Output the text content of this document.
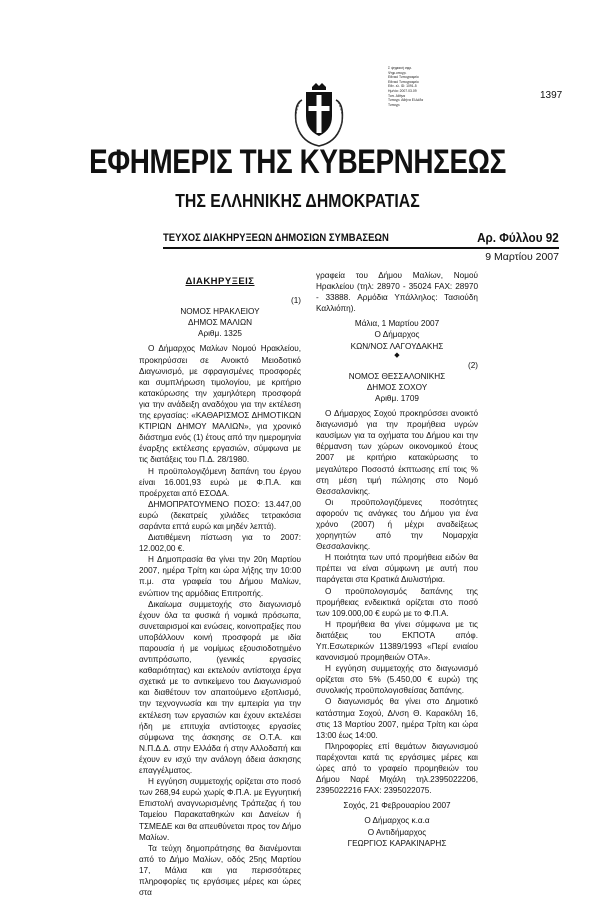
1397
Σ ψηφιακή σφρ.
Ψηφ.υπογρ.
Εθνικό Τυπογραφείο
Εθνικό Τυπογραφείο
Εθν. ελ. ID: 1091-5
Ημ/νία: 2007.03.09
Τοπ. Αθήνα
Τυπογρ. Αθήνα Ελλάδα
Τυπογρ.
ΕΦΗΜΕΡΙΣ ΤΗΣ ΚΥΒΕΡΝΗΣΕΩΣ
ΤΗΣ ΕΛΛΗΝΙΚΗΣ ΔΗΜΟΚΡΑΤΙΑΣ
ΤΕΥΧΟΣ ΔΙΑΚΗΡΥΞΕΩΝ ΔΗΜΟΣΙΩΝ ΣΥΜΒΑΣΕΩΝ	Αρ. Φύλλου 92
9 Μαρτίου 2007

ΔΙΑΚΗΡΥΞΕΙΣ

(1)

ΝΟΜΟΣ ΗΡΑΚΛΕΙΟΥ

ΔΗΜΟΣ ΜΑΛΙΩΝ

Αριθμ. 1325

Ο Δήμαρχος Μαλίων Νομού Ηρακλείου, προκηρύσσει σε Ανοικτό Μειοδοτικό Διαγωνισμό, με σφραγισμένες προσφορές και συμπλήρωση τιμολογίου, με κριτήριο κατακύρωσης την χαμηλότερη προσφορά για την ανάδειξη αναδόχου για την εκτέλεση της εργασίας: «ΚΑΘΑΡΙΣΜΟΣ ΔΗΜΟΤΙΚΩΝ ΚΤΙΡΙΩΝ ΔΗΜΟΥ ΜΑΛΙΩΝ», για χρονικό διάστημα ενός (1) έτους από την ημερομηνία έναρξης εκτέλεσης εργασιών, σύμφωνα με τις διατάξεις του Π.Δ. 28/1980.

Η προϋπολογιζόμενη δαπάνη του έργου είναι 16.001,93 ευρώ με Φ.Π.Α. και προέρχεται από ΕΣΟΔΑ.

ΔΗΜΟΠΡΑΤΟΥΜΕΝΟ ΠΟΣΟ: 13.447,00 ευρώ (δεκατρείς χιλιάδες τετρακόσια σαράντα επτά ευρώ και μηδέν λεπτά).

Διατιθέμενη πίστωση για το 2007: 12.002,00 €.

Η Δημοπρασία θα γίνει την 20η Μαρτίου 2007, ημέρα Τρίτη και ώρα λήξης την 10:00 π.μ. στα γραφεία του Δήμου Μαλίων, ενώπιον της αρμόδιας Επιτροπής.

Δικαίωμα συμμετοχής στο διαγωνισμό έχουν όλα τα φυσικά ή νομικά πρόσωπα, συνεταιρισμοί και ενώσεις, κοινοπραξίες που υποβάλλουν κοινή προσφορά με ιδία παρουσία ή με νομίμως εξουσιοδοτημένο αντιπρόσωπο, (γενικές εργασίες καθαριότητας) και εκτελούν αντίστοιχα έργα σχετικά με το αντικείμενο του Διαγωνισμού και διαθέτουν τον απαιτούμενο εξοπλισμό, την τεχνογνωσία και την εμπειρία για την εκτέλεση των εργασιών και έχουν εκτελέσει ήδη με επιτυχία αντίστοιχες εργασίες σύμφωνα της άσκησης σε Ο.Τ.Α. και Ν.Π.Δ.Δ. στην Ελλάδα ή στην Αλλοδαπή και έχουν εν ισχύ την ανάλογη άδεια άσκησης επαγγέλματος.

Η εγγύηση συμμετοχής ορίζεται στο ποσό των 268,94 ευρώ χωρίς Φ.Π.Α. με Εγγυητική Επιστολή αναγνωρισμένης Τράπεζας ή του Ταμείου Παρακαταθηκών και Δανείων ή ΤΣΜΕΔΕ και θα απευθύνεται προς τον Δήμο Μαλίων.

Τα τεύχη δημοπράτησης θα διανέμονται από το Δήμο Μαλίων, οδός 25ης Μαρτίου 17, Μάλια και για περισσότερες πληροφορίες τις εργάσιμες μέρες και ώρες στα

γραφεία του Δήμου Μαλίων, Νομού Ηρακλείου (τηλ: 28970 - 35024 FAX: 28970 - 33888. Αρμόδια Υπάλληλος: Τασιούδη Καλλιόπη).

Μάλια, 1 Μαρτίου 2007

Ο Δήμαρχος

ΚΩΝ/ΝΟΣ ΛΑΓΟΥΔΑΚΗΣ

◆

(2)

ΝΟΜΟΣ ΘΕΣΣΑΛΟΝΙΚΗΣ

ΔΗΜΟΣ ΣΟΧΟΥ

Αριθμ. 1709

Ο Δήμαρχος Σοχού προκηρύσσει ανοικτό διαγωνισμό για την προμήθεια υγρών καυσίμων για τα οχήματα του Δήμου και την θέρμανση των χώρων οικονομικού έτους 2007 με κριτήριο κατακύρωσης το μεγαλύτερο Ποσοστό έκπτωσης επί τοις % στη μέση τιμή πώλησης στο Νομό Θεσσαλονίκης.

Οι προϋπολογιζόμενες ποσότητες αφορούν τις ανάγκες του Δήμου για ένα χρόνο (2007) ή μέχρι αναδείξεως χορηγητών από την Νομαρχία Θεσσαλονίκης.

Η ποιότητα των υπό προμήθεια ειδών θα πρέπει να είναι σύμφωνη με αυτή που παράγεται στα Κρατικά Διυλιστήρια.

Ο προϋπολογισμός δαπάνης της προμήθειας ενδεικτικά ορίζεται στο ποσό των 109.000,00 € ευρώ με το Φ.Π.Α.

Η προμήθεια θα γίνει σύμφωνα με τις διατάξεις του ΕΚΠΟΤΑ απόφ. Υπ.Εσωτερικών 11389/1993 «Περί ενιαίου κανονισμού προμηθειών ΟΤΑ».

Η εγγύηση συμμετοχής στο διαγωνισμό ορίζεται στο 5% (5.450,00 € ευρώ) της συνολικής προϋπολογισθείσας δαπάνης.

Ο διαγωνισμός θα γίνει στο Δημοτικό κατάστημα Σοχού, Δ/νση Θ. Καρακόλη 16, στις 13 Μαρτίου 2007, ημέρα Τρίτη και ώρα 13:00 έως 14:00.

Πληροφορίες επί θεμάτων διαγωνισμού παρέχονται κατά τις εργάσιμες μέρες και ώρες από το γραφείο προμηθειών του Δήμου Ναρέ Μιχάλη τηλ.2395022206, 2395022216 FAX: 2395022075.

Σοχός, 21 Φεβρουαρίου 2007

Ο Δήμαρχος κ.α.α

Ο Αντιδήμαρχος

ΓΕΩΡΓΙΟΣ ΚΑΡΑΚΙΝΑΡΗΣ
